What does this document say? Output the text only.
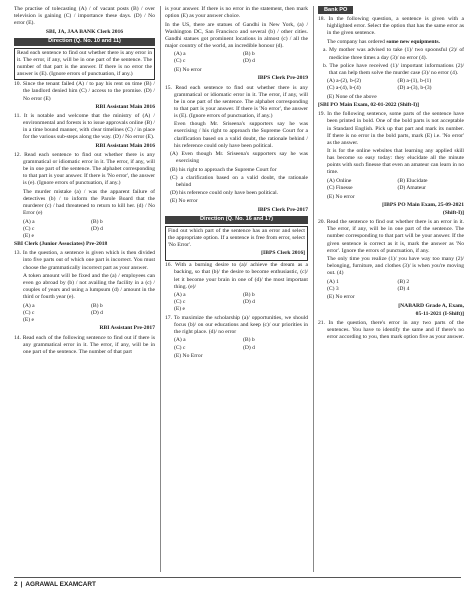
The practise of tolecasting (A) / of vacant posts (B) / over television is gaining (C) / importance these days. (D) / No error (E).

SBI, JA, JAA BANK Clerk 2016

Direction (Q. No. 10 and 11)
Read each sentence to find out whether there is any error in it. The error, if any, will be in one part of the sentence. The number of that part is the answer. If there is no error the answer is (E). (Ignore errors of punctuation, if any.)

10. Since the tenant failed (A) / to pay his rent on time (B) / the landlord denied him (C) / access to the promise. (D) / No error (E)

RBI Assistant Main 2016

11. It is notable and welcome that the ministry of (A) / environmental and forests is to issue approvals online (B) / in a time bound manner, with clear timelines (C) / in place for the various sub-steps along the way. (D) / No error (E).

RBI Assistant Main 2016

12. Read each sentence to find out whether there is any grammatical or idiomatic error in it. The error, if any, will be in one part of the sentence. The alphabet corresponding to that part is your answer. If there is 'No error', the answer is (e). (Ignore errors of punctuation, if any.)

The murder mistake (a) / was the apparent failure of detectives (b) / to inform the Parole Board that the murderer (c) / had threatened to return to kill her. (d) / No Error (e)

(A) a	(B) b
(C) c	(D) d
(E) e

SBI Clerk (Junior Associates) Pre-2018

13. In the question, a sentence is given which is then divided into five parts out of which one part is incorrect. You must choose the grammatically incorrect part as your answer.

A token amount will be fixed and the (a) / employees can even go abroad by (b) / not availing the facility in a (c) / couples of years and using a lumpsum (d) / amount in the third or fourth year (e).

(A) a	(B) b
(C) c	(D) d
(E) e

RBI Assistant Pre-2017

14. Read each of the following sentence to find out if there is any grammatical error in it. The error, if any, will be in one part of the sentence. The number of that part

is your answer. If there is no error in the statement, then mark option (E) as your answer choice.

In the US, there are statues of Gandhi in New York, (a) / Washington DC, San Francisco and several (b) / other cities. Gandhi statues got prominent locations in almost (c) / all the major country of the world, an incredible honour (d).

(A) a	(B) b
(C) c	(D) d

(E) No error

IBPS Clerk Pre-2019

15. Read each sentence to find out whether there is any grammatical or idiomatic error in it. The error, if any, will be in one part of the sentence. The alphabet corresponding to that part is your answer. If there is 'No error', the answer is (E). (Ignore errors of punctuation, if any.)

Even though Mr. Sriseena's supporters say he was exercising / his right to approach the Supreme Court for a clarification based on a valid doubt, the rationale behind / his reference could only have been political.

(A) Even though Mr. Sriseena's supporters say he was exercising

(B) his right to approach the Supreme Court for

(C) a clarification based on a valid doubt, the rationale behind

(D) his reference could only have been political.

(E) No error

IBPS Clerk Pre-2017

Direction (Q. No. 16 and 17)
Find out which part of the sentence has an error and select the appropriate option. If a sentence is free from error, select 'No Error'.
[IBPS Clerk 2016]

16. With a burning desire to (a)/ achieve the dream as a backing, so that (b)/ the desire to become enthusiastic, (c)/ let it become your brain in one of (d)/ the most important thing. (e)/

(A) a	(B) b
(C) c	(D) d
(E) e

17. To maximize the scholarship (a)/ opportunities, we should focus (b)/ on our educations and keep (c)/ our priorities in the right place. (d)/ no error

(A) a	(B) b
(C) c	(D) d

(E) No Error

Bank PO

18. In the following question, a sentence is given with a highlighted error. Select the option that has the same error as in the given sentence.

The company has ordered some new equipments.

a. My mother was advised to take (1)/ two spoonsful (2)/ of medicine three times a day (3)/ no error (4).

b. The police have received (1)/ important informations (2)/ that can help them solve the murder case (3)/ no error (4).

(A) a-(2), b-(2)	(B) a-(1), b-(1)
(C) a-(4), b-(4)	(D) a-(3), b-(3)

(E) None of the above

[SBI PO Main Exam, 02-01-2022 (Shift-I)]

19. In the following sentence, some parts of the sentence have been printed in bold. One of the bold parts is not acceptable in Standard English. Pick up that part and mark its number. If there is no error in the bold parts, mark (E) i.e. 'No error' as the answer.

It is for the online websites that learning any applied skill has become so easy today: they elucidate all the minute points with such finesse that even an amateur can learn in no time.

(A) Online	(B) Elucidate
(C) Finesse	(D) Amateur

(E) No error

[IBPS PO Main Exam, 25-09-2021

(Shift-I)]

20. Read the sentence to find out whether there is an error in it. The error, if any, will be in one part of the sentence. The number corresponding to that part will be your answer. If the given sentence is correct as it is, mark the answer as 'No error'. Ignore the errors of punctuation, if any.

The only time you realize (1)/ you have way too many (2)/ belonging, furniture, and clothes (3)/ is when you're moving out. (4)

(A) 1	(B) 2
(C) 3	(D) 4

(E) No error

[NABARD Grade A, Exam,

05-11-2021 (I-Shift)]

21. In the question, there's error in any two parts of the sentences. You have to identify the same and if there's no error according to you, then mark option five as your answer.

2 | AGRAWAL EXAMCART
